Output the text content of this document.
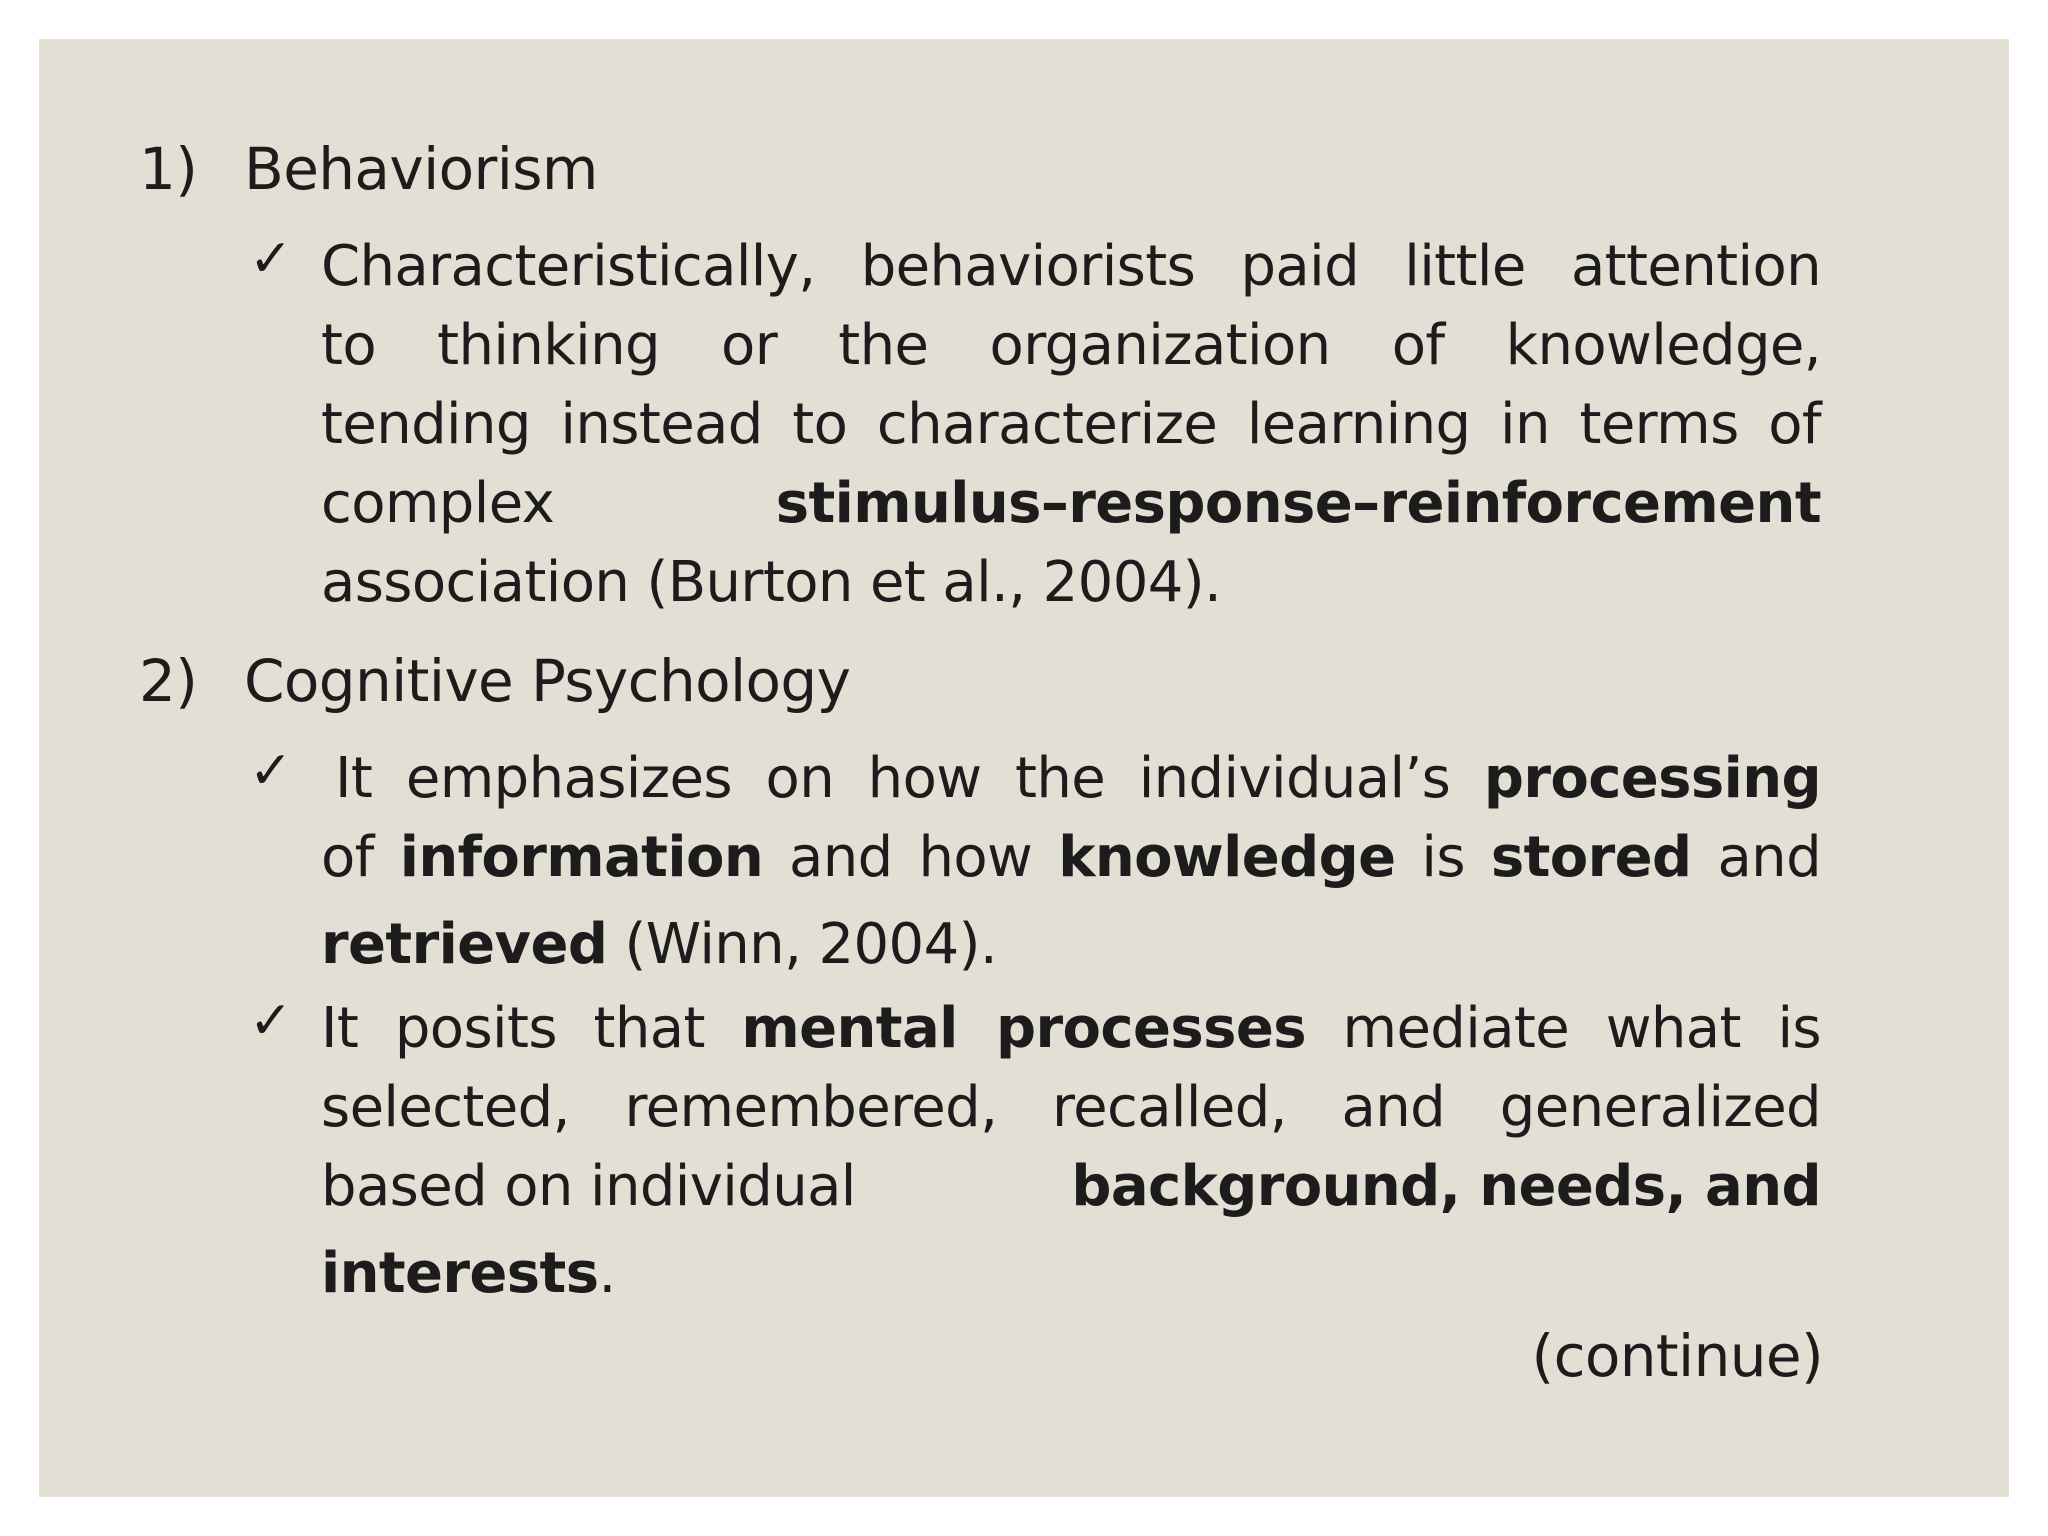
1) Behaviorism
✓ Characteristically, behaviorists paid little attention
to thinking or the organization of knowledge,
tending instead to characterize learning in terms of
complex	stimulus–response–reinforcement
association (Burton et al., 2004).
2) Cognitive Psychology
✓ It emphasizes on how the individual’s processing
of information and how knowledge is stored and
retrieved (Winn, 2004).
✓ It posits that mental processes mediate what is
selected, remembered, recalled, and generalized
based on individual	background, needs, and
interests.
(continue)
